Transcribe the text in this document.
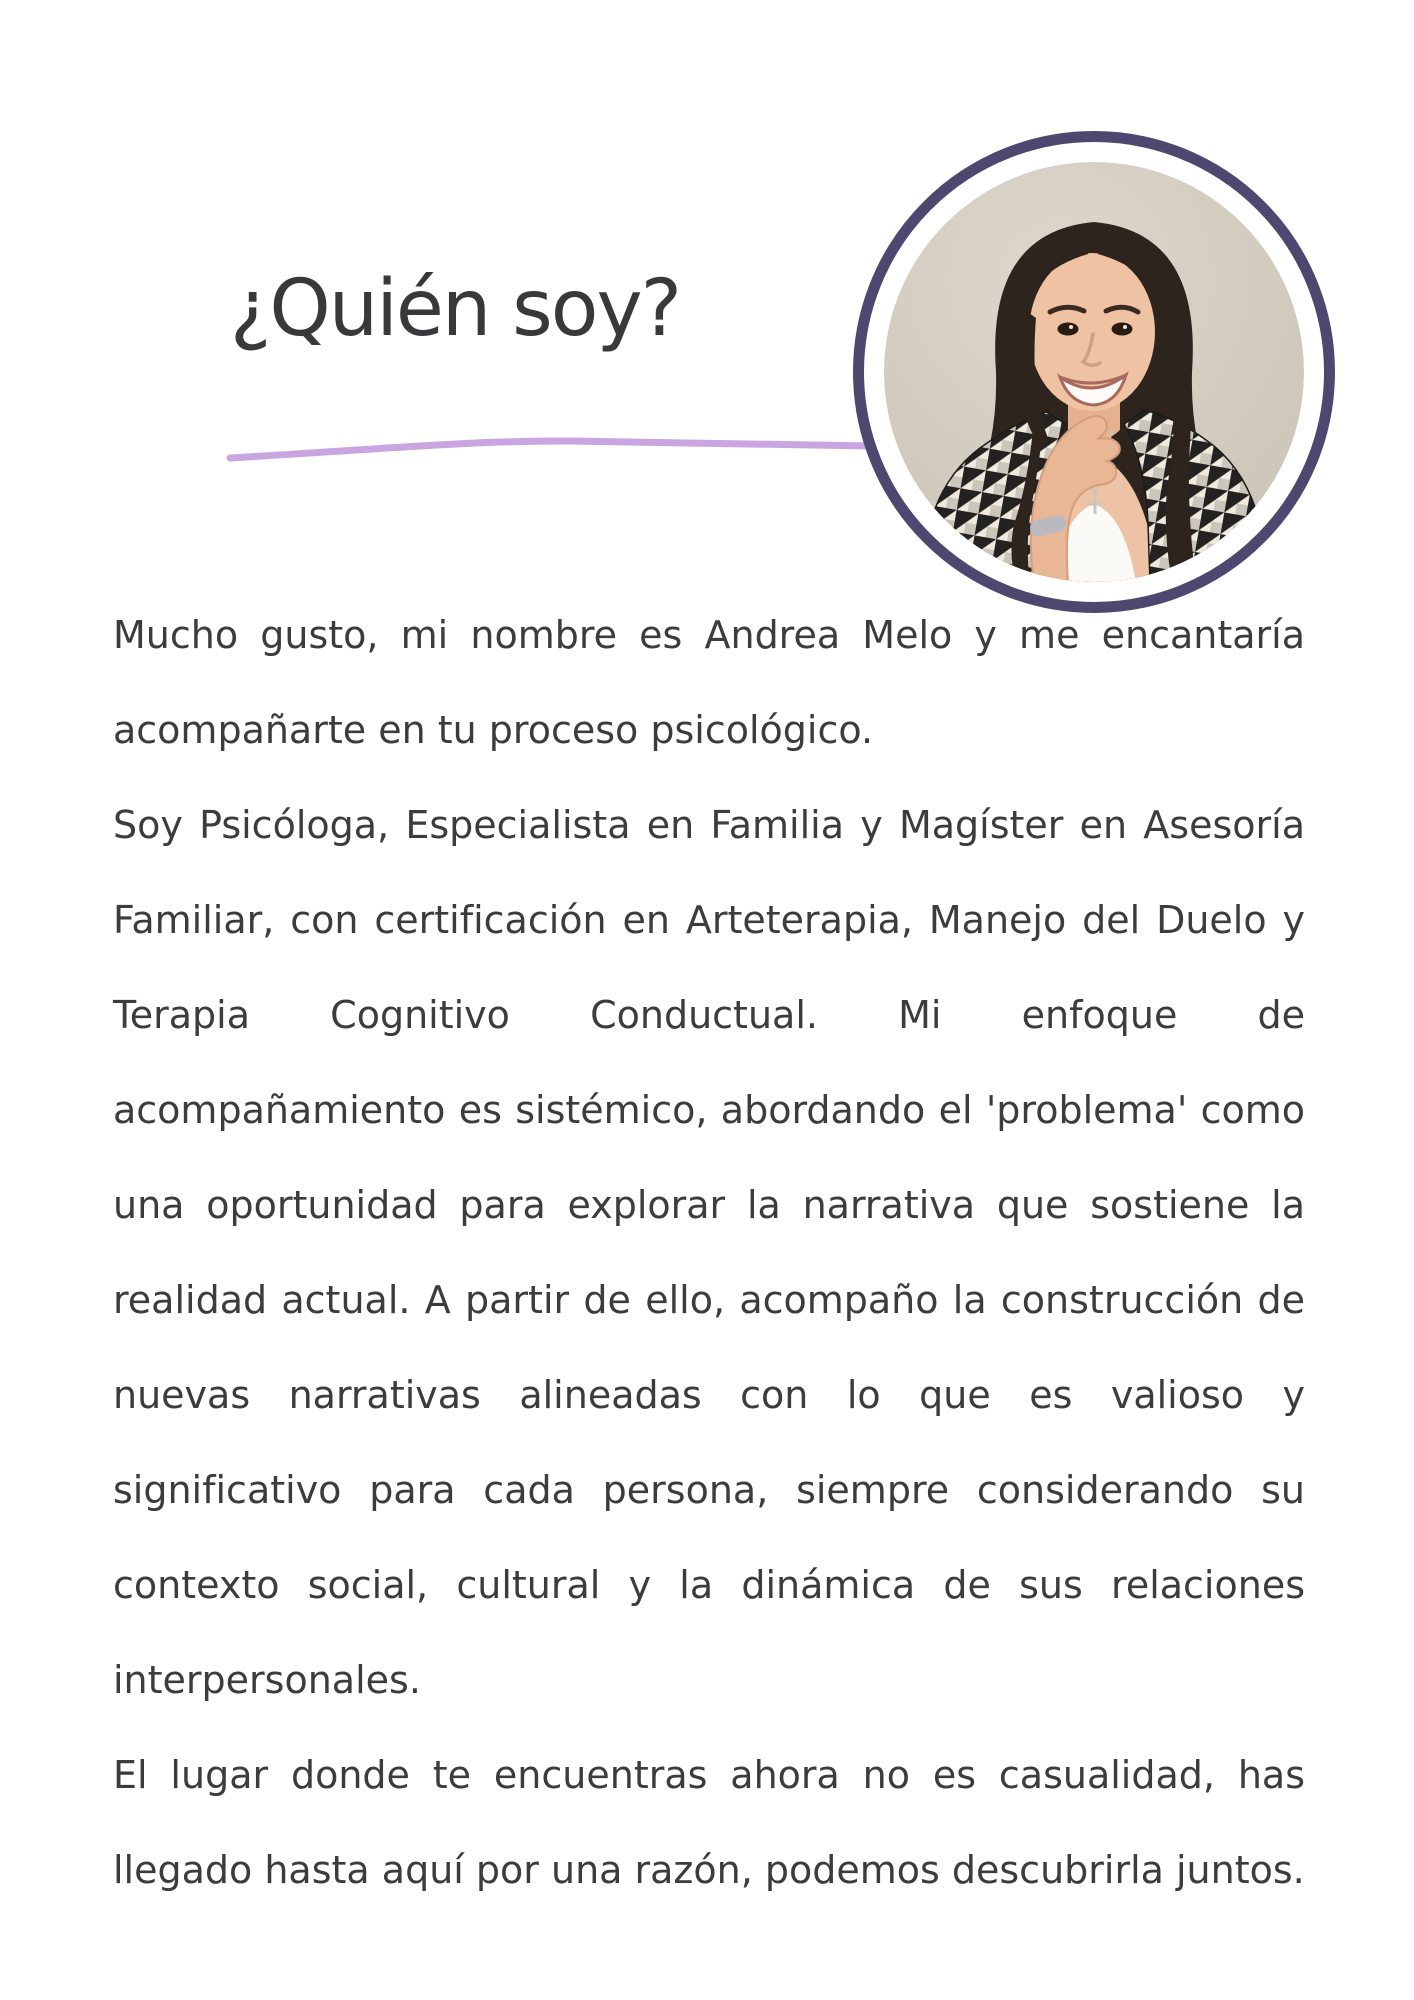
¿Quién soy?

Mucho gusto, mi nombre es Andrea Melo y me encantaría acompañarte en tu proceso psicológico.

Soy Psicóloga, Especialista en Familia y Magíster en Asesoría Familiar, con certificación en Arteterapia, Manejo del Duelo y Terapia Cognitivo Conductual. Mi enfoque de acompañamiento es sistémico, abordando el 'problema' como una oportunidad para explorar la narrativa que sostiene la realidad actual. A partir de ello, acompaño la construcción de nuevas narrativas alineadas con lo que es valioso y significativo para cada persona, siempre considerando su contexto social, cultural y la dinámica de sus relaciones interpersonales.

El lugar donde te encuentras ahora no es casualidad, has llegado hasta aquí por una razón, podemos descubrirla juntos.
